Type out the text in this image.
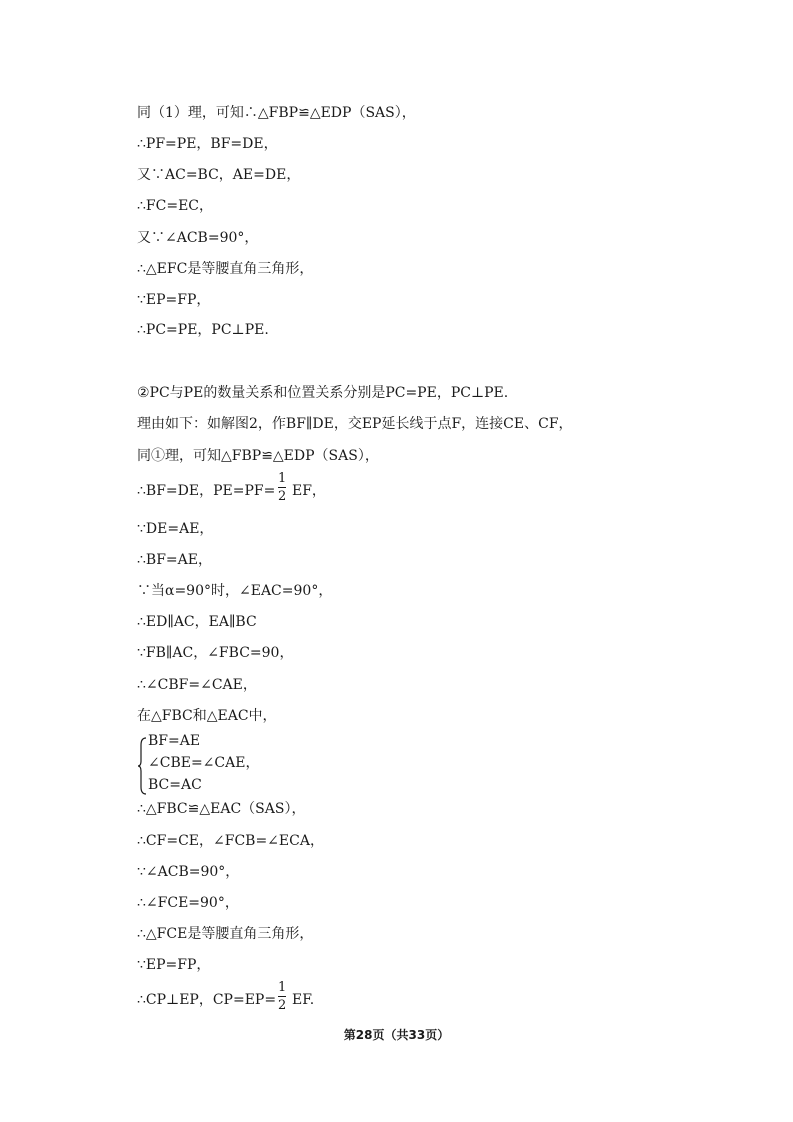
同（1）理，可知∴△FBP≌△EDP（SAS），
∴PF=PE，BF=DE，
又∵AC=BC，AE=DE，
∴FC=EC，
又∵∠ACB=90°，
∴△EFC是等腰直角三角形，
∵EP=FP，
∴PC=PE，PC⊥PE.
②PC与PE的数量关系和位置关系分别是PC=PE，PC⊥PE.
理由如下：如解图2，作BF∥DE，交EP延长线于点F，连接CE、CF，
同①理，可知△FBP≌△EDP（SAS），
∴BF=DE，PE=PF=
1
2 EF，
∵DE=AE，
∴BF=AE，
∵当α=90°时，∠EAC=90°，
∴ED∥AC，EA∥BC
∵FB∥AC，∠FBC=90，
∴∠CBF=∠CAE，
在△FBC和△EAC中，
BF=AE
∠CBE=∠CAE，
BC=AC
∴△FBC≌△EAC（SAS），
∴CF=CE，∠FCB=∠ECA，
∵∠ACB=90°，
∴∠FCE=90°，
∴△FCE是等腰直角三角形，
∵EP=FP，
∴CP⊥EP，CP=EP=
1
2 EF.
第28页（共33页）
